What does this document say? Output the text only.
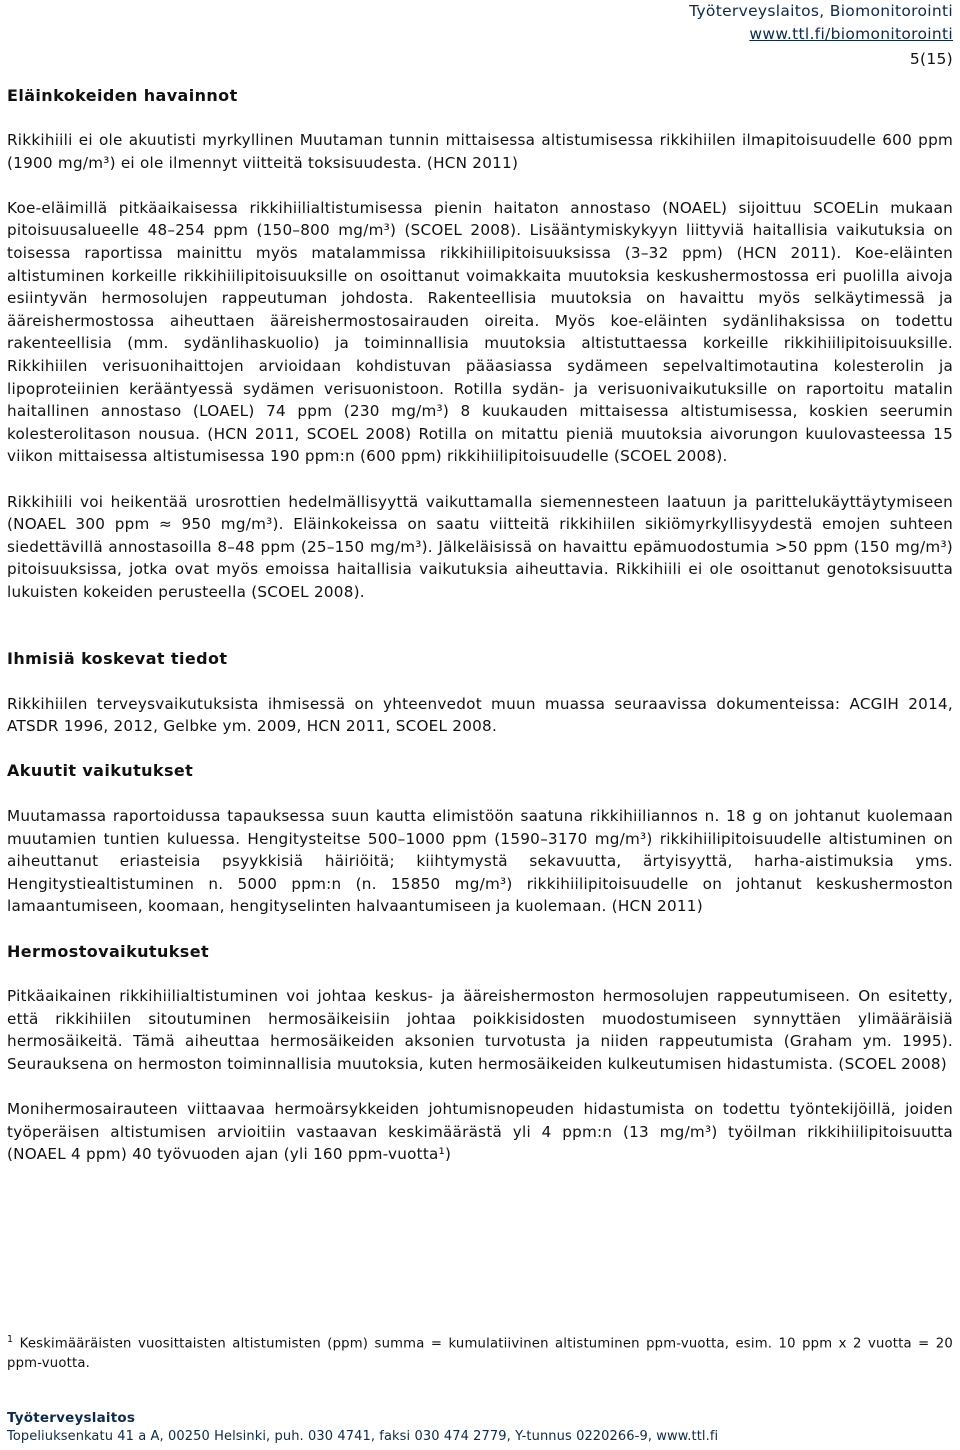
Työterveyslaitos, Biomonitorointi
www.ttl.fi/biomonitorointi
5(15)
Eläinkokeiden havainnot

Rikkihiili ei ole akuutisti myrkyllinen Muutaman tunnin mittaisessa altistumisessa rikkihiilen ilmapitoisuudelle 600 ppm (1900 mg/m³) ei ole ilmennyt viitteitä toksisuudesta. (HCN 2011)

Koe-eläimillä pitkäaikaisessa rikkihiilialtistumisessa pienin haitaton annostaso (NOAEL) sijoittuu SCOELin mukaan pitoisuusalueelle 48–254 ppm (150–800 mg/m³) (SCOEL 2008). Lisääntymiskykyyn liittyviä haitallisia vaikutuksia on toisessa raportissa mainittu myös matalammissa rikkihiilipitoisuuksissa (3–32 ppm) (HCN 2011). Koe-eläinten altistuminen korkeille rikkihiilipitoisuuksille on osoittanut voimakkaita muutoksia keskushermostossa eri puolilla aivoja esiintyvän hermosolujen rappeutuman johdosta. Rakenteellisia muutoksia on havaittu myös selkäytimessä ja ääreishermostossa aiheuttaen ääreishermostosairauden oireita. Myös koe-eläinten sydänlihaksissa on todettu rakenteellisia (mm. sydänlihaskuolio) ja toiminnallisia muutoksia altistuttaessa korkeille rikkihiilipitoisuuksille. Rikkihiilen verisuonihaittojen arvioidaan kohdistuvan pääasiassa sydämeen sepelvaltimotautina kolesterolin ja lipoproteiinien kerääntyessä sydämen verisuonistoon. Rotilla sydän- ja verisuonivaikutuksille on raportoitu matalin haitallinen annostaso (LOAEL) 74 ppm (230 mg/m³) 8 kuukauden mittaisessa altistumisessa, koskien seerumin kolesterolitason nousua. (HCN 2011, SCOEL 2008) Rotilla on mitattu pieniä muutoksia aivorungon kuulovasteessa 15 viikon mittaisessa altistumisessa 190 ppm:n (600 ppm) rikkihiilipitoisuudelle (SCOEL 2008).

Rikkihiili voi heikentää urosrottien hedelmällisyyttä vaikuttamalla siemennesteen laatuun ja parittelukäyttäytymiseen (NOAEL 300 ppm ≈ 950 mg/m³). Eläinkokeissa on saatu viitteitä rikkihiilen sikiömyrkyllisyydestä emojen suhteen siedettävillä annostasoilla 8–48 ppm (25–150 mg/m³). Jälkeläisissä on havaittu epämuodostumia >50 ppm (150 mg/m³) pitoisuuksissa, jotka ovat myös emoissa haitallisia vaikutuksia aiheuttavia. Rikkihiili ei ole osoittanut genotoksisuutta lukuisten kokeiden perusteella (SCOEL 2008).

Ihmisiä koskevat tiedot

Rikkihiilen terveysvaikutuksista ihmisessä on yhteenvedot muun muassa seuraavissa dokumenteissa: ACGIH 2014, ATSDR 1996, 2012, Gelbke ym. 2009, HCN 2011, SCOEL 2008.

Akuutit vaikutukset

Muutamassa raportoidussa tapauksessa suun kautta elimistöön saatuna rikkihiiliannos n. 18 g on johtanut kuolemaan muutamien tuntien kuluessa. Hengitysteitse 500–1000 ppm (1590–3170 mg/m³) rikkihiilipitoisuudelle altistuminen on aiheuttanut eriasteisia psyykkisiä häiriöitä; kiihtymystä sekavuutta, ärtyisyyttä, harha-aistimuksia yms. Hengitystiealtistuminen n. 5000 ppm:n (n. 15850 mg/m³) rikkihiilipitoisuudelle on johtanut keskushermoston lamaantumiseen, koomaan, hengityselinten halvaantumiseen ja kuolemaan. (HCN 2011)

Hermostovaikutukset

Pitkäaikainen rikkihiilialtistuminen voi johtaa keskus- ja ääreishermoston hermosolujen rappeutumiseen. On esitetty, että rikkihiilen sitoutuminen hermosäikeisiin johtaa poikkisidosten muodostumiseen synnyttäen ylimääräisiä hermosäikeitä. Tämä aiheuttaa hermosäikeiden aksonien turvotusta ja niiden rappeutumista (Graham ym. 1995). Seurauksena on hermoston toiminnallisia muutoksia, kuten hermosäikeiden kulkeutumisen hidastumista. (SCOEL 2008)

Monihermosairauteen viittaavaa hermoärsykkeiden johtumisnopeuden hidastumista on todettu työntekijöillä, joiden työperäisen altistumisen arvioitiin vastaavan keskimäärästä yli 4 ppm:n (13 mg/m³) työilman rikkihiilipitoisuutta (NOAEL 4 ppm) 40 työvuoden ajan (yli 160 ppm-vuotta¹)

$^1$ Keskimääräisten vuosittaisten altistumisten (ppm) summa = kumulatiivinen altistuminen ppm-vuotta, esim. 10 ppm x 2 vuotta = 20 ppm-vuotta.
Työterveyslaitos
Topeliuksenkatu 41 a A, 00250 Helsinki, puh. 030 4741, faksi 030 474 2779, Y-tunnus 0220266-9, www.ttl.fi
